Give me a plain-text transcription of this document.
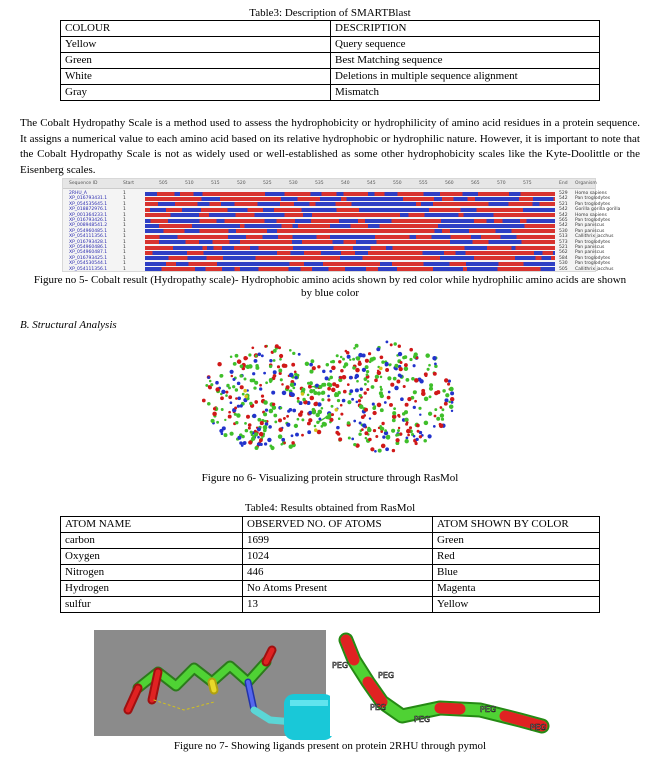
Table3: Description of SMARTBlast
COLOUR	DESCRIPTION
Yellow	Query sequence
Green	Best Matching sequence
White	Deletions in multiple sequence alignment
Gray	Mismatch

The Cobalt Hydropathy Scale is a method used to assess the hydrophobicity or hydrophilicity of amino acid residues in a protein sequence. It assigns a numerical value to each amino acid based on its relative hydrophobic or hydrophilic nature. However, it is important to note that the Cobalt Hydropathy Scale is not as widely used or well-established as some other hydrophobicity scales like the Kyte-Doolittle or the Eisenberg scales.

Sequence ID	Start	505	510	515	520	525	530	535	540	545	550	555	560	565	570	575	End Organism
2RHU_A	1	529 Homo sapiens
XP_016793431.1	1	542 Pan troglodytes
XP_054535645.1	1	521 Pan troglodytes
XP_018872976.1	1	542 Gorilla gorilla gorilla
XP_001364233.1	1	542 Homo sapiens
XP_016793426.1	1	565 Pan troglodytes
XP_008948541.2	1	542 Pan paniscus
XP_054960485.1	1	530 Pan paniscus
XP_054111356.1	1	513 Callithrix jacchus
XP_016793428.1	1	573 Pan troglodytes
XP_054960486.1	1	521 Pan paniscus
XP_054960487.1	1	562 Pan paniscus
XP_016793425.1	1	584 Pan troglodytes
XP_054530544.1	1	530 Pan troglodytes
XP_054111356.1	1	505 Callithrix jacchus
Figure no 5- Cobalt result (Hydropathy scale)- Hydrophobic amino acids shown by red color while hydrophilic amino acids are shown by blue color
B. Structural Analysis
Figure no 6- Visualizing protein structure through RasMol
Table4: Results obtained from RasMol
ATOM NAME	OBSERVED NO. OF ATOMS	ATOM SHOWN BY COLOR
carbon	1699	Green
Oxygen	1024	Red
Nitrogen	446	Blue
Hydrogen	No Atoms Present	Magenta
sulfur	13	Yellow
PEG
PEG
PEG
PEG
PEG
PEG
Figure no 7- Showing ligands present on protein 2RHU through pymol
